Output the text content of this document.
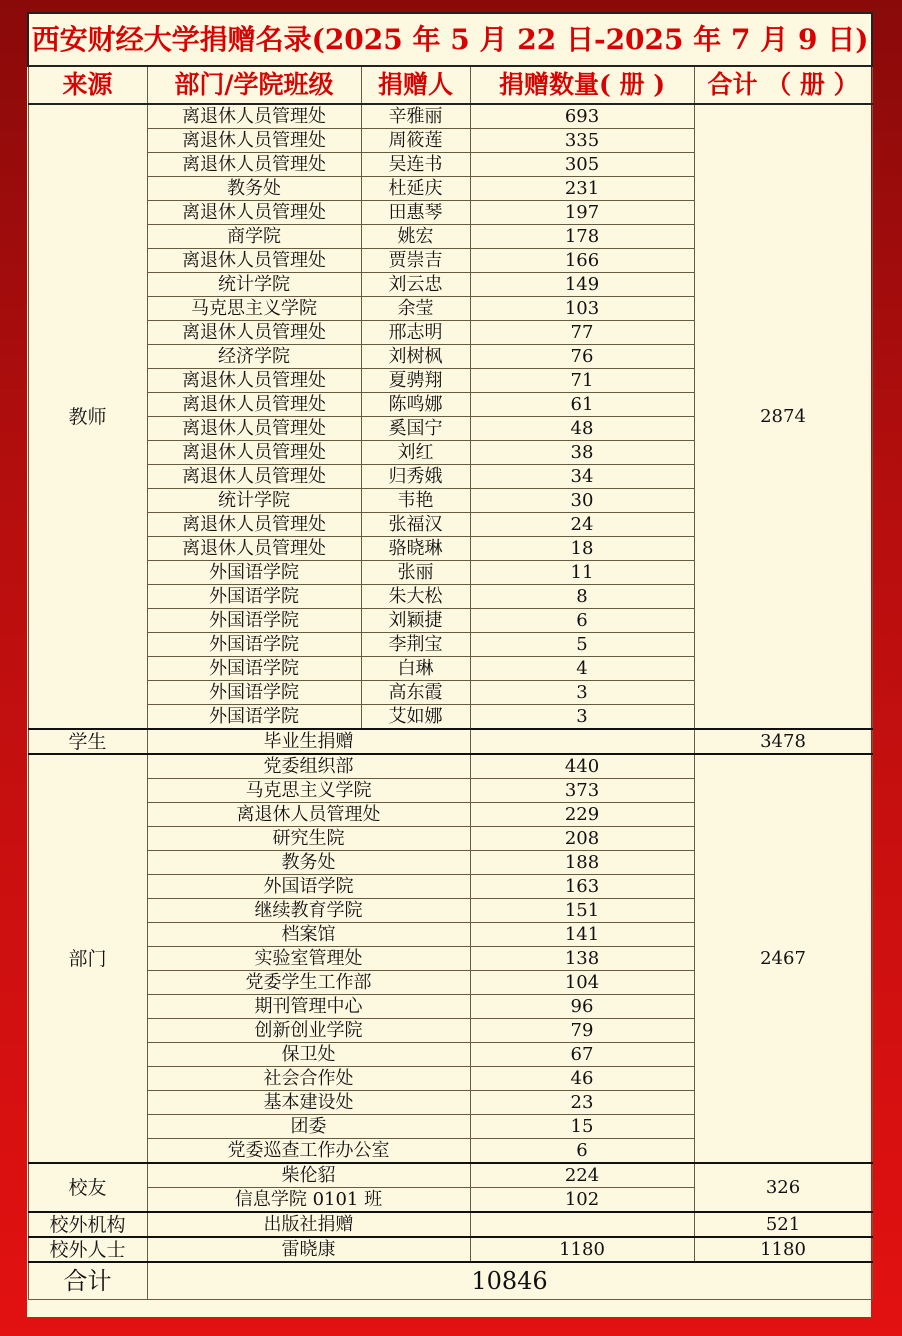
西安财经大学捐赠名录(2025 年 5 月 22 日-2025 年 7 月 9 日)				
来源	部门/学院班级	捐赠人	捐赠数量( 册 )	合计 （ 册 ）
教师	离退休人员管理处	辛雅丽	693	2874
	离退休人员管理处	周筱莲	335	
	离退休人员管理处	吴连书	305	
	教务处	杜延庆	231	
	离退休人员管理处	田惠琴	197	
	商学院	姚宏	178	
	离退休人员管理处	贾崇吉	166	
	统计学院	刘云忠	149	
	马克思主义学院	余莹	103	
	离退休人员管理处	邢志明	77	
	经济学院	刘树枫	76	
	离退休人员管理处	夏骋翔	71	
	离退休人员管理处	陈鸣娜	61	
	离退休人员管理处	奚国宁	48	
	离退休人员管理处	刘红	38	
	离退休人员管理处	归秀娥	34	
	统计学院	韦艳	30	
	离退休人员管理处	张福汉	24	
	离退休人员管理处	骆晓琳	18	
	外国语学院	张丽	11	
	外国语学院	朱大松	8	
	外国语学院	刘颖捷	6	
	外国语学院	李荆宝	5	
	外国语学院	白琳	4	
	外国语学院	高东霞	3	
	外国语学院	艾如娜	3	
学生	毕业生捐赠			3478
部门	党委组织部		440	2467
	马克思主义学院		373	
	离退休人员管理处		229	
	研究生院		208	
	教务处		188	
	外国语学院		163	
	继续教育学院		151	
	档案馆		141	
	实验室管理处		138	
	党委学生工作部		104	
	期刊管理中心		96	
	创新创业学院		79	
	保卫处		67	
	社会合作处		46	
	基本建设处		23	
	团委		15	
	党委巡查工作办公室		6	
校友	柴伦貂		224	326
	信息学院 0101 班		102	
校外机构	出版社捐赠			521
校外人士	雷晓康		1180	1180
合计	10846			
